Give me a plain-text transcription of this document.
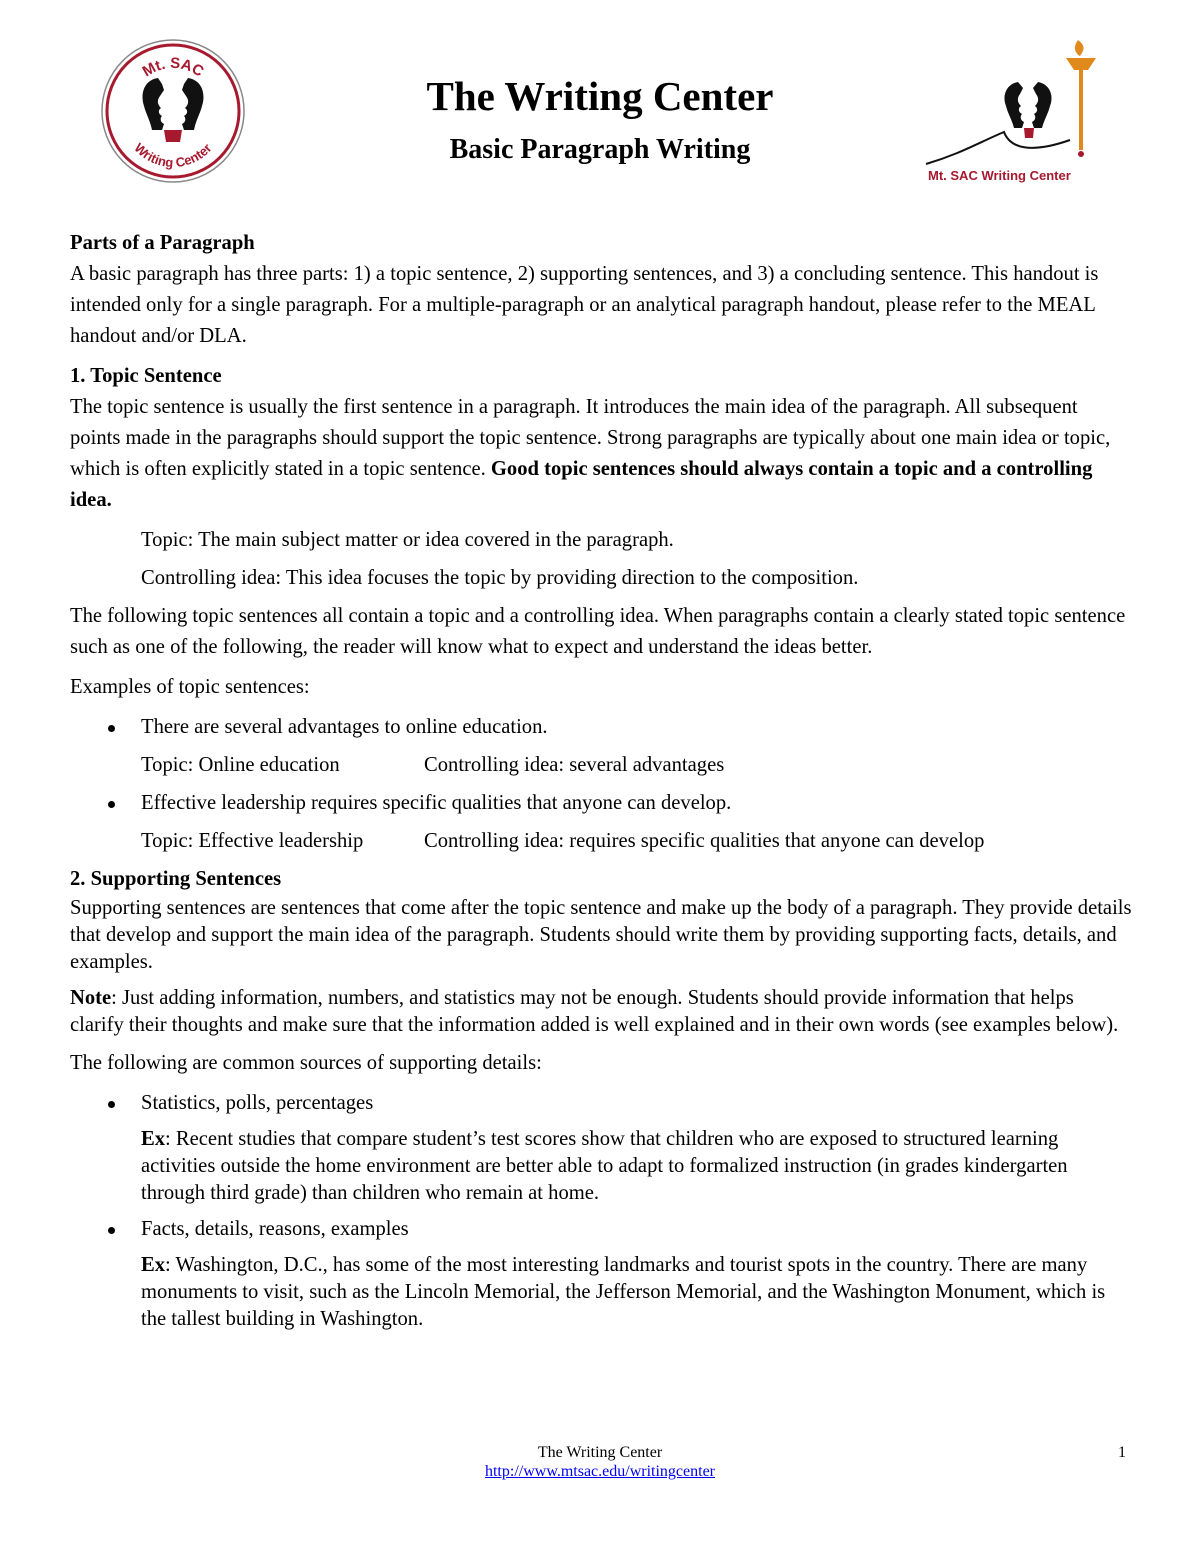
Mt. SAC
Writing Center
The Writing Center
Basic Paragraph Writing
Mt. SAC Writing Center

Parts of a Paragraph

A basic paragraph has three parts: 1) a topic sentence, 2) supporting sentences, and 3) a concluding sentence. This handout is intended only for a single paragraph. For a multiple-paragraph or an analytical paragraph handout, please refer to the MEAL handout and/or DLA.

1. Topic Sentence

The topic sentence is usually the first sentence in a paragraph. It introduces the main idea of the paragraph. All subsequent points made in the paragraphs should support the topic sentence. Strong paragraphs are typically about one main idea or topic, which is often explicitly stated in a topic sentence. Good topic sentences should always contain a topic and a controlling idea.

Topic: The main subject matter or idea covered in the paragraph.

Controlling idea: This idea focuses the topic by providing direction to the composition.

The following topic sentences all contain a topic and a controlling idea. When paragraphs contain a clearly stated topic sentence such as one of the following, the reader will know what to expect and understand the ideas better.

Examples of topic sentences:

There are several advantages to online education.
Topic: Online education	Controlling idea: several advantages
Effective leadership requires specific qualities that anyone can develop.
Topic: Effective leadership	Controlling idea: requires specific qualities that anyone can develop

2. Supporting Sentences

Supporting sentences are sentences that come after the topic sentence and make up the body of a paragraph. They provide details that develop and support the main idea of the paragraph. Students should write them by providing supporting facts, details, and examples.

Note: Just adding information, numbers, and statistics may not be enough. Students should provide information that helps clarify their thoughts and make sure that the information added is well explained and in their own words (see examples below).

The following are common sources of supporting details:

Statistics, polls, percentages

Ex: Recent studies that compare student’s test scores show that children who are exposed to structured learning activities outside the home environment are better able to adapt to formalized instruction (in grades kindergarten through third grade) than children who remain at home.

Facts, details, reasons, examples

Ex: Washington, D.C., has some of the most interesting landmarks and tourist spots in the country. There are many monuments to visit, such as the Lincoln Memorial, the Jefferson Memorial, and the Washington Monument, which is the tallest building in Washington.

The Writing Center
http://www.mtsac.edu/writingcenter
1
